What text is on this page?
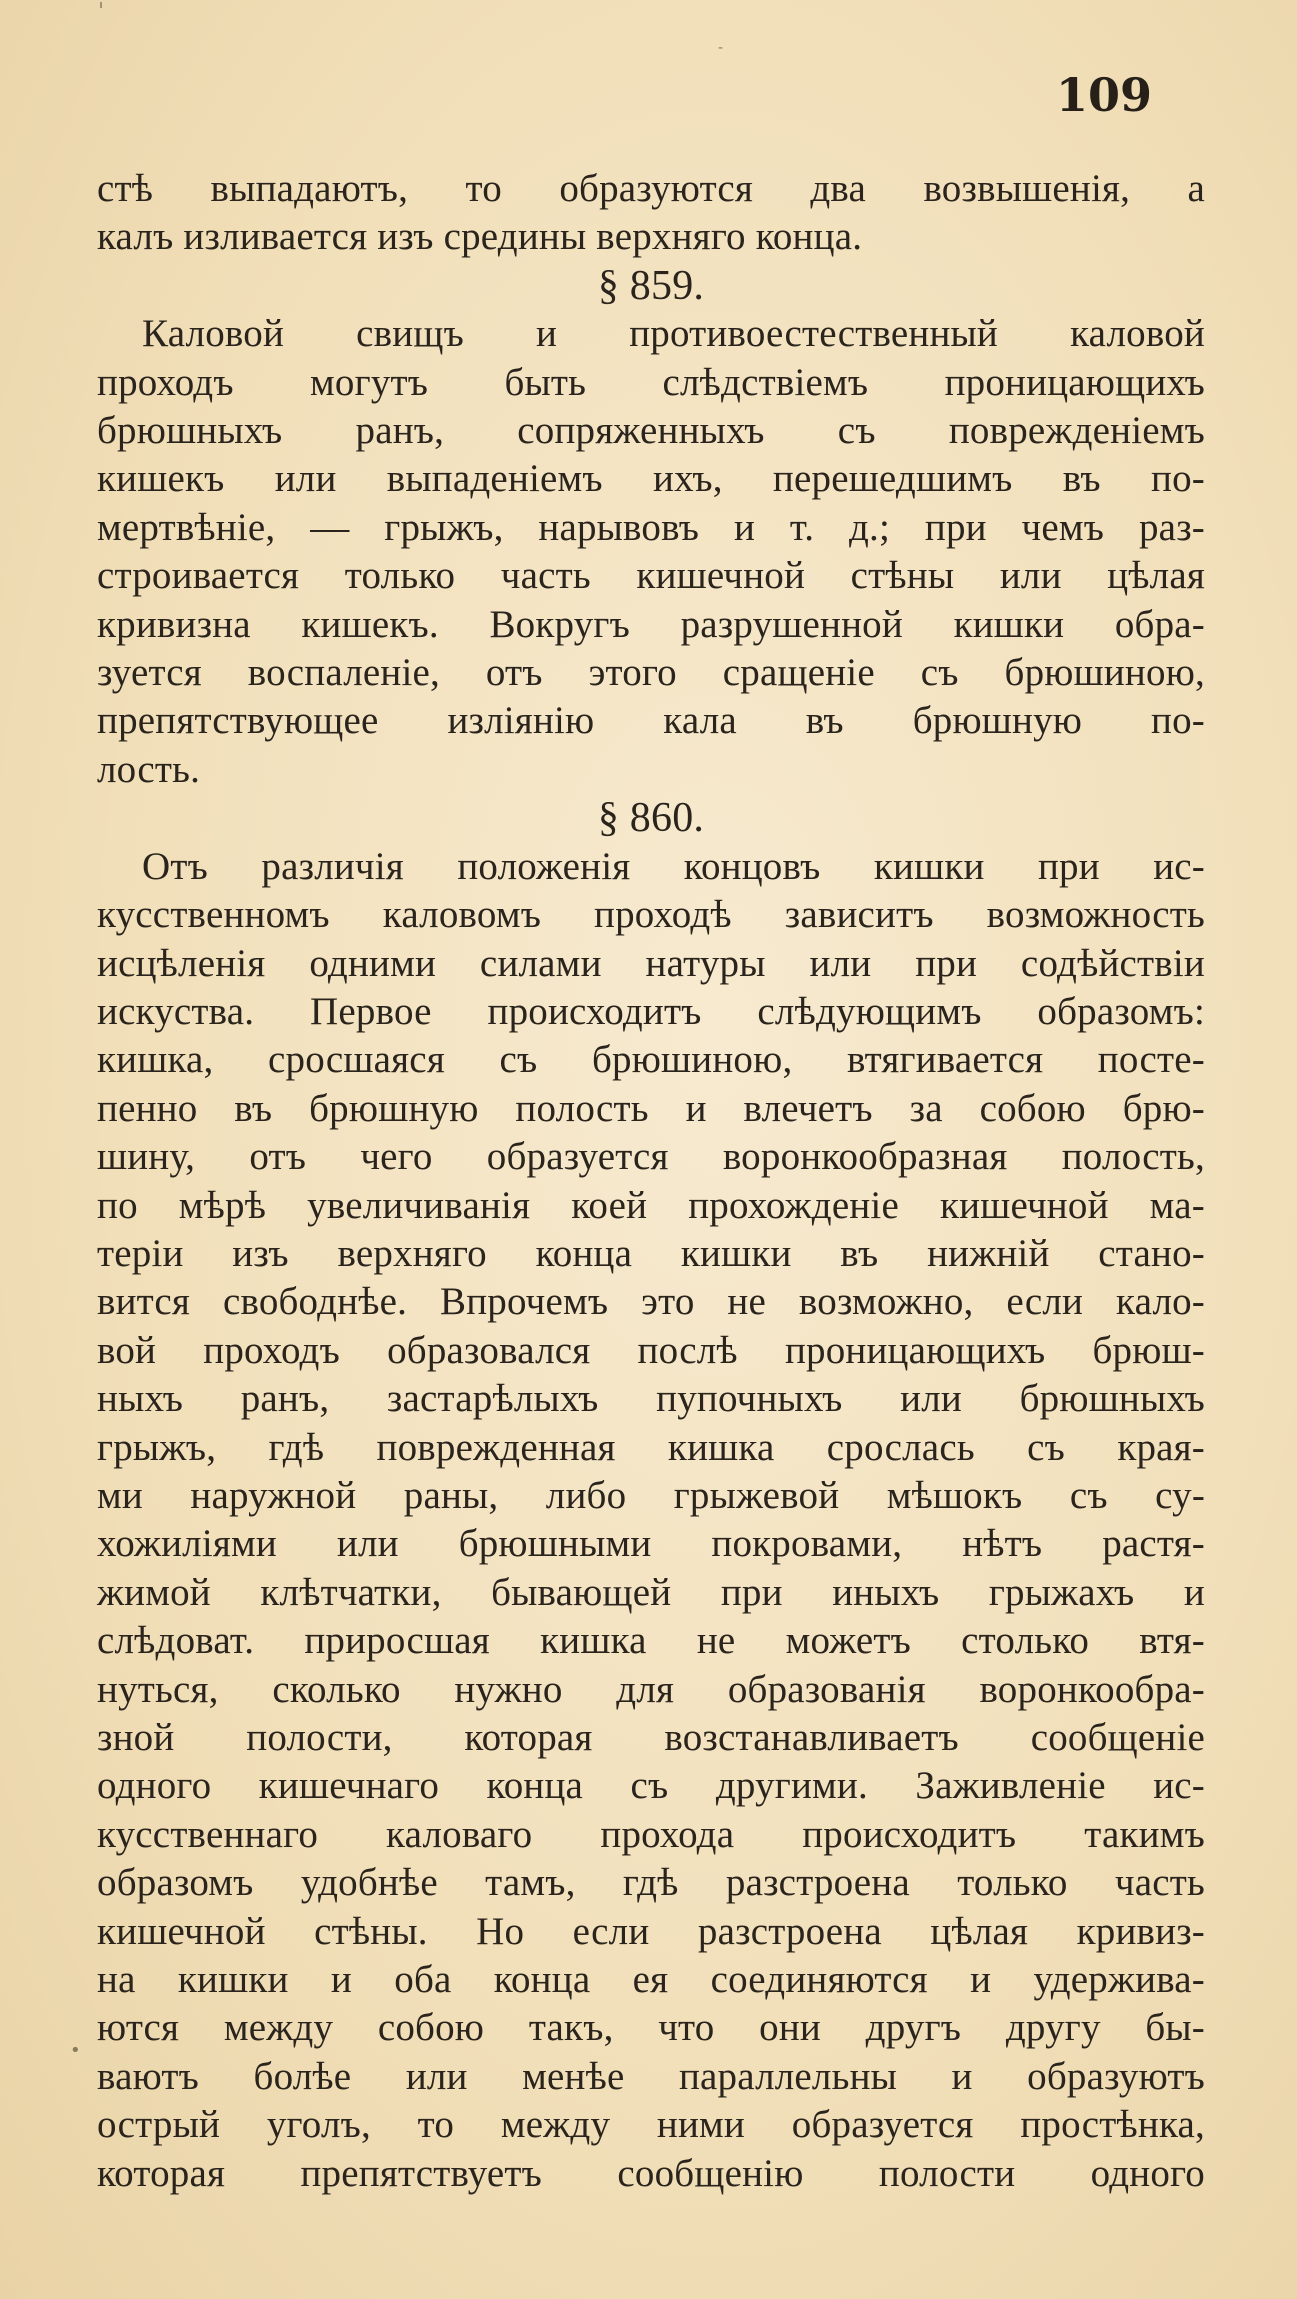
ˈ
-
•
109
стѣ выпадаютъ, то образуются два возвышенія, а
калъ изливается изъ средины верхняго конца.
§ 859.
Каловой свищъ и противоестественный каловой
проходъ могутъ быть слѣдствіемъ проницающихъ
брюшныхъ ранъ, сопряженныхъ съ поврежденіемъ
кишекъ или выпаденіемъ ихъ, перешедшимъ въ по-
мертвѣніе, — грыжъ, нарывовъ и т. д.; при чемъ раз-
строивается только часть кишечной стѣны или цѣлая
кривизна кишекъ. Вокругъ разрушенной кишки обра-
зуется воспаленіе, отъ этого сращеніе съ брюшиною,
препятствующее изліянію кала въ брюшную по-
лость.
§ 860.
Отъ различія положенія концовъ кишки при ис-
кусственномъ каловомъ проходѣ зависитъ возможность
исцѣленія одними силами натуры или при содѣйствіи
искуства. Первое происходитъ слѣдующимъ образомъ:
кишка, сросшаяся съ брюшиною, втягивается посте-
пенно въ брюшную полость и влечетъ за собою брю-
шину, отъ чего образуется воронкообразная полость,
по мѣрѣ увеличиванія коей прохожденіе кишечной ма-
теріи изъ верхняго конца кишки въ нижній стано-
вится свободнѣе. Впрочемъ это не возможно, если кало-
вой проходъ образовался послѣ проницающихъ брюш-
ныхъ ранъ, застарѣлыхъ пупочныхъ или брюшныхъ
грыжъ, гдѣ поврежденная кишка срослась съ края-
ми наружной раны, либо грыжевой мѣшокъ съ су-
хожиліями или брюшными покровами, нѣтъ растя-
жимой клѣтчатки, бывающей при иныхъ грыжахъ и
слѣдоват. приросшая кишка не можетъ столько втя-
нуться, сколько нужно для образованія воронкообра-
зной полости, которая возстанавливаетъ сообщеніе
одного кишечнаго конца съ другими. Заживленіе ис-
кусственнаго каловаго прохода происходитъ такимъ
образомъ удобнѣе тамъ, гдѣ разстроена только часть
кишечной стѣны. Но если разстроена цѣлая кривиз-
на кишки и оба конца ея соединяются и удержива-
ются между собою такъ, что они другъ другу бы-
ваютъ болѣе или менѣе параллельны и образуютъ
острый уголъ, то между ними образуется простѣнка,
которая препятствуетъ сообщенію полости одного
